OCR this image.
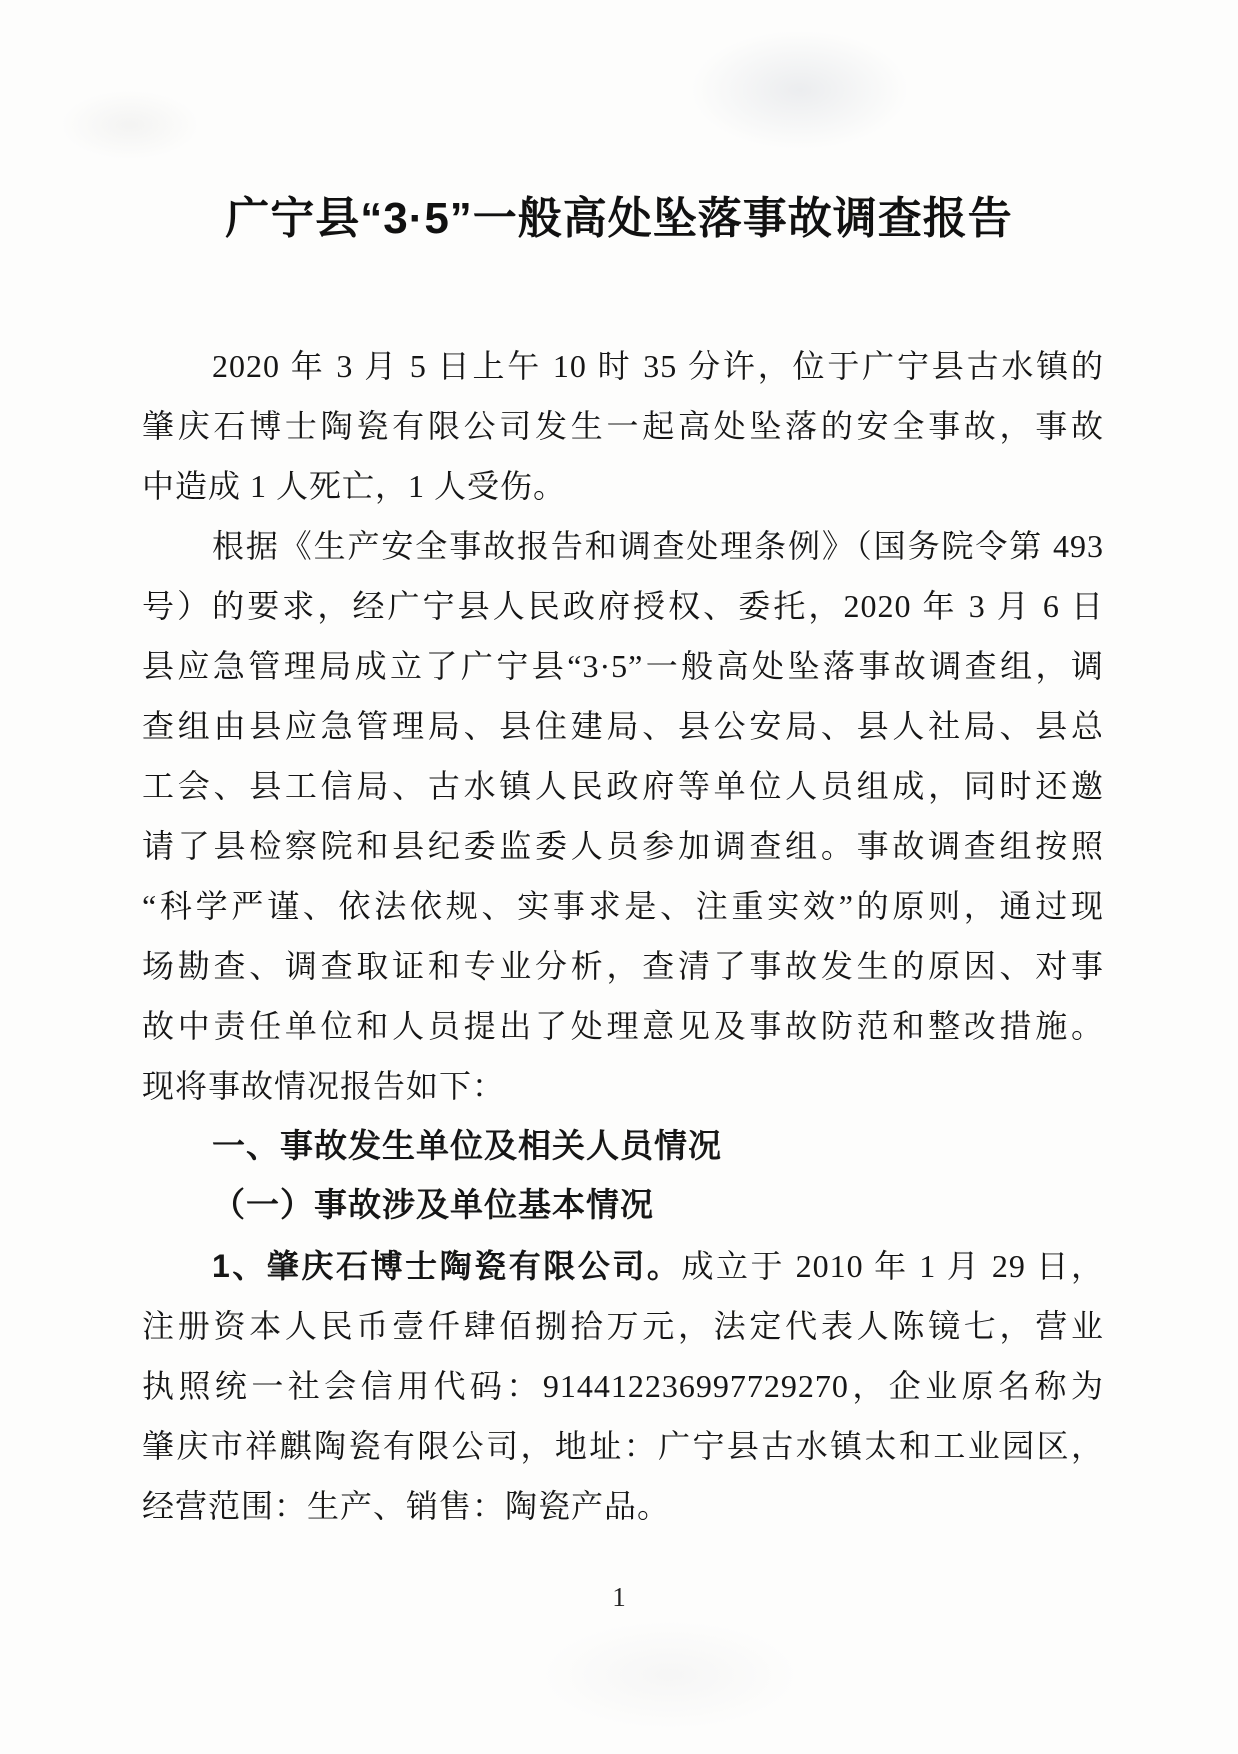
广宁县“3·5”一般高处坠落事故调查报告
2020 年 3 月 5 日上午 10 时 35 分许，位于广宁县古水镇的
肇庆石博士陶瓷有限公司发生一起高处坠落的安全事故，事故
中造成 1 人死亡，1 人受伤。
根据《生产安全事故报告和调查处理条例》（国务院令第 493
号）的要求，经广宁县人民政府授权、委托，2020 年 3 月 6 日
县应急管理局成立了广宁县“3·5”一般高处坠落事故调查组，调
查组由县应急管理局、县住建局、县公安局、县人社局、县总
工会、县工信局、古水镇人民政府等单位人员组成，同时还邀
请了县检察院和县纪委监委人员参加调查组。事故调查组按照
“科学严谨、依法依规、实事求是、注重实效”的原则，通过现
场勘查、调查取证和专业分析，查清了事故发生的原因、对事
故中责任单位和人员提出了处理意见及事故防范和整改措施。
现将事故情况报告如下：
一、事故发生单位及相关人员情况
（一）事故涉及单位基本情况
1、肇庆石博士陶瓷有限公司。成立于 2010 年 1 月 29 日，
注册资本人民币壹仟肆佰捌拾万元，法定代表人陈镜七，营业
执照统一社会信用代码：914412236997729270，企业原名称为
肇庆市祥麒陶瓷有限公司，地址：广宁县古水镇太和工业园区，
经营范围：生产、销售：陶瓷产品。
1
